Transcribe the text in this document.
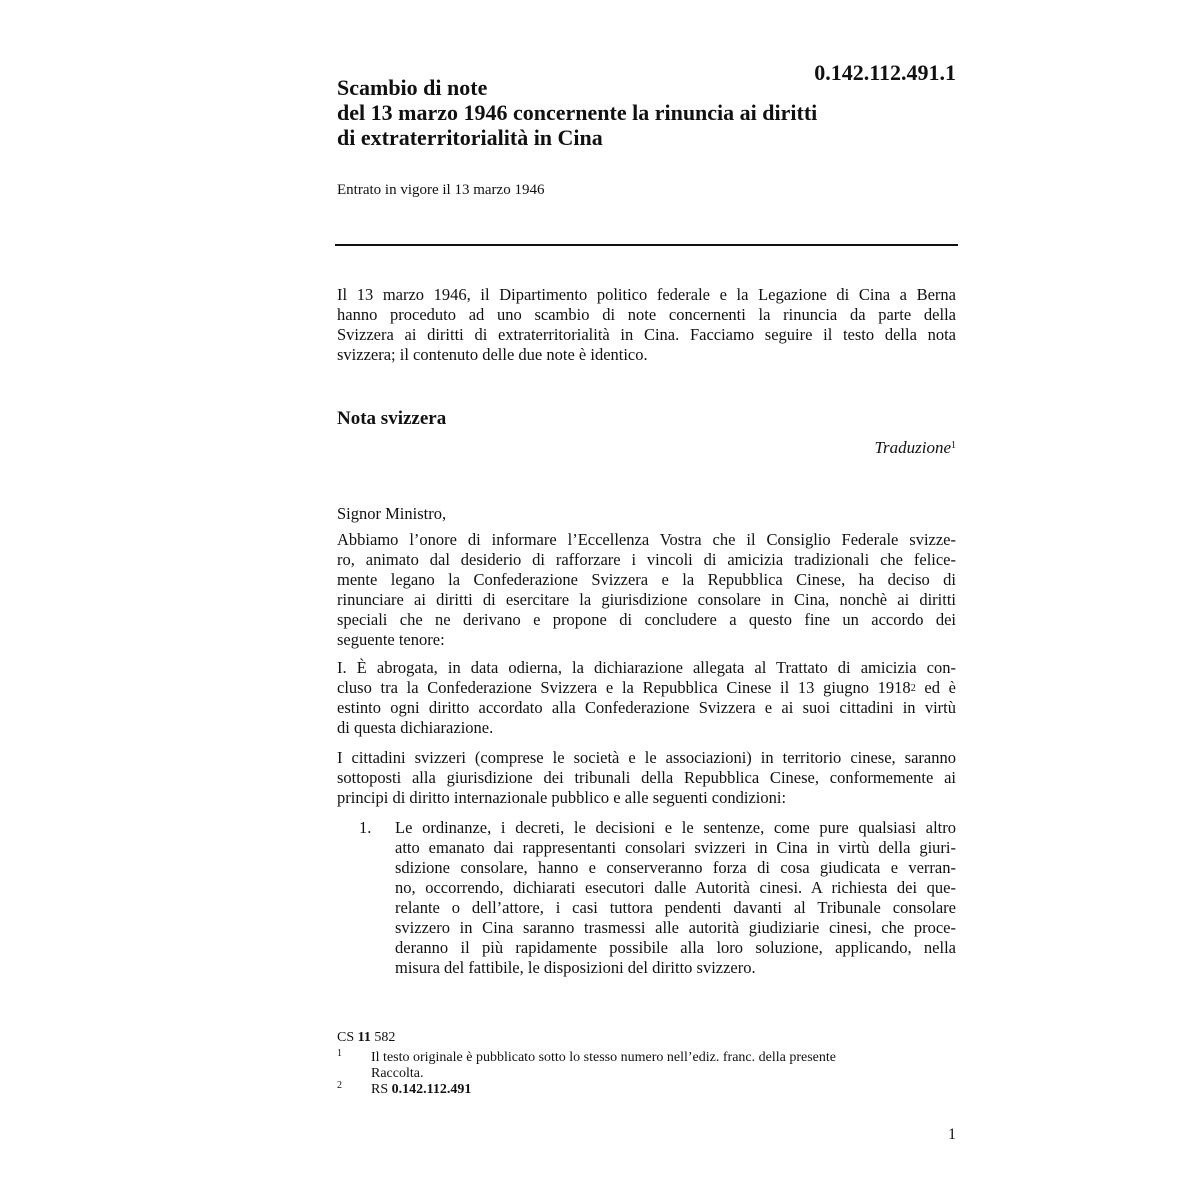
0.142.112.491.1
Scambio di note
del 13 marzo 1946 concernente la rinuncia ai diritti
di extraterritorialità in Cina
Entrato in vigore il 13 marzo 1946
Il 13 marzo 1946, il Dipartimento politico federale e la Legazione di Cina a Berna
hanno proceduto ad uno scambio di note concernenti la rinuncia da parte della
Svizzera ai diritti di extraterritorialità in Cina. Facciamo seguire il testo della nota
svizzera; il contenuto delle due note è identico.
Nota svizzera
Traduzione$^1$
Signor Ministro,
Abbiamo l’onore di informare l’Eccellenza Vostra che il Consiglio Federale svizze-
ro, animato dal desiderio di rafforzare i vincoli di amicizia tradizionali che felice-
mente legano la Confederazione Svizzera e la Repubblica Cinese, ha deciso di
rinunciare ai diritti di esercitare la giurisdizione consolare in Cina, nonchè ai diritti
speciali che ne derivano e propone di concludere a questo fine un accordo dei
seguente tenore:
I. È abrogata, in data odierna, la dichiarazione allegata al Trattato di amicizia con-
cluso tra la Confederazione Svizzera e la Repubblica Cinese il 13 giugno 1918$^2$ ed è
estinto ogni diritto accordato alla Confederazione Svizzera e ai suoi cittadini in virtù
di questa dichiarazione.
I cittadini svizzeri (comprese le società e le associazioni) in territorio cinese, saranno
sottoposti alla giurisdizione dei tribunali della Repubblica Cinese, conformemente ai
principi di diritto internazionale pubblico e alle seguenti condizioni:
1. Le ordinanze, i decreti, le decisioni e le sentenze, come pure qualsiasi altro
atto emanato dai rappresentanti consolari svizzeri in Cina in virtù della giuri-
sdizione consolare, hanno e conserveranno forza di cosa giudicata e verran-
no, occorrendo, dichiarati esecutori dalle Autorità cinesi. A richiesta dei que-
relante o dell’attore, i casi tuttora pendenti davanti al Tribunale consolare
svizzero in Cina saranno trasmessi alle autorità giudiziarie cinesi, che proce-
deranno il più rapidamente possibile alla loro soluzione, applicando, nella
misura del fattibile, le disposizioni del diritto svizzero.
CS 11 582
1 Il testo originale è pubblicato sotto lo stesso numero nell’ediz. franc. della presente
Raccolta.
2 RS 0.142.112.491
1
